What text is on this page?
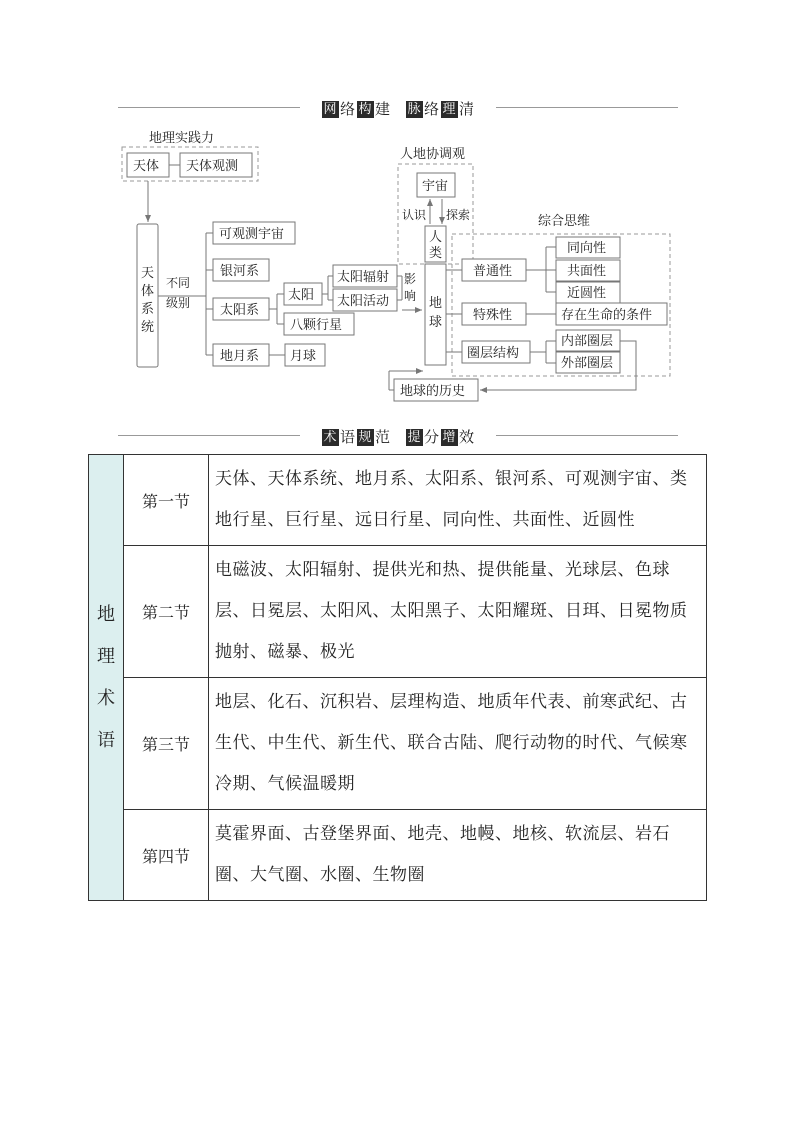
网 络 构 建 脉 络 理 清
地理实践力
天体 天体观测
天
体
系
统
不同
级别
可观测宇宙
银河系
太阳系
地月系
太阳
八颗行星
月球
太阳辐射
太阳活动
影
响
人地协调观
宇宙
认识 探索
人
类
地
球
综合思维
普通性
特殊性
圈层结构
同向性
共面性
近圆性
存在生命的条件
内部圈层
外部圈层
地球的历史
术 语 规 范 提 分 增 效
地
理
术
语	第一节	天体、天体系统、地月系、太阳系、银河系、可观测宇宙、类地行星、巨行星、远日行星、同向性、共面性、近圆性
	第二节	电磁波、太阳辐射、提供光和热、提供能量、光球层、色球层、日冕层、太阳风、太阳黑子、太阳耀斑、日珥、日冕物质抛射、磁暴、极光
	第三节	地层、化石、沉积岩、层理构造、地质年代表、前寒武纪、古生代、中生代、新生代、联合古陆、爬行动物的时代、气候寒冷期、气候温暖期
	第四节	莫霍界面、古登堡界面、地壳、地幔、地核、软流层、岩石圈、大气圈、水圈、生物圈
